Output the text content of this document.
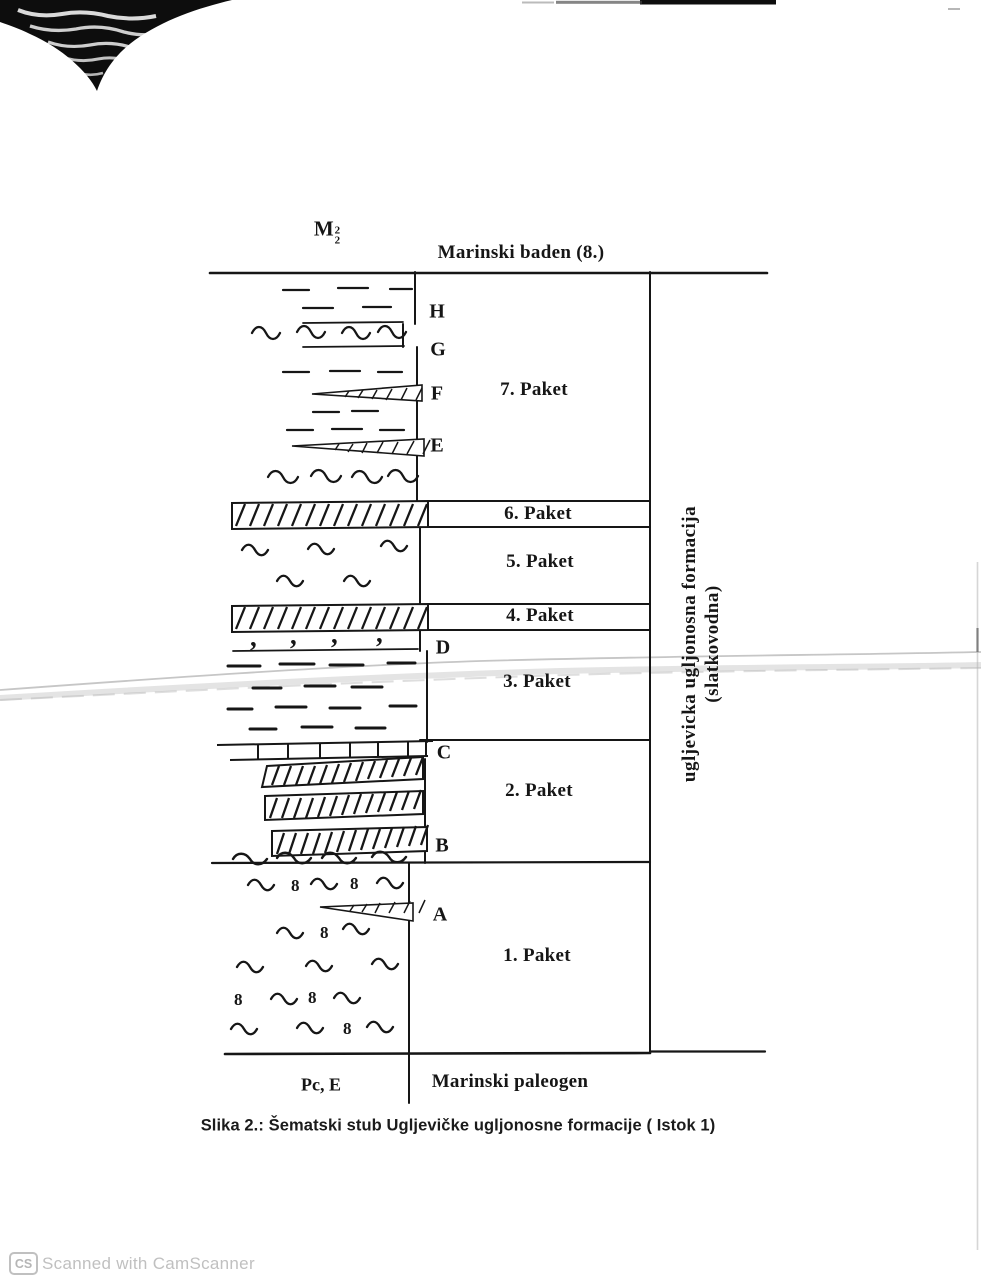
, , , ,
8	8
8
8	8
8
M 2
2
Marinski baden (8.)
7. Paket
6. Paket
5. Paket
4. Paket
3. Paket
2. Paket
1. Paket
H
G
F
E
D
C
B
A
ugljevicka ugljonosna formacija (slatkovodna)
Pc, E	Marinski paleogen
Slika 2.: Šematski stub Ugljevičke ugljonosne formacije ( Istok 1)
CS Scanned with CamScanner
